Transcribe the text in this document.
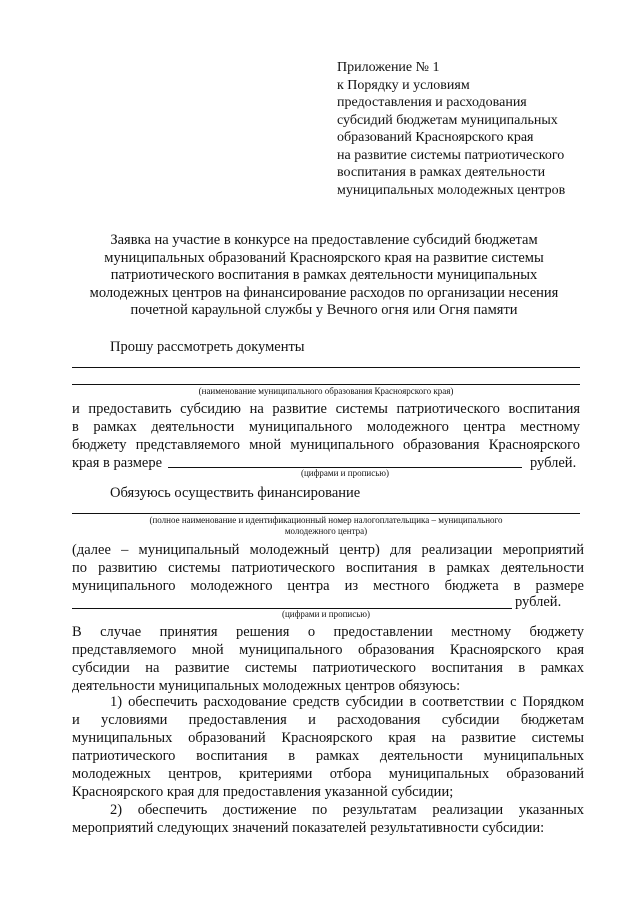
Приложение № 1
к Порядку и условиям
предоставления и расходования
субсидий бюджетам муниципальных
образований Красноярского края
на развитие системы патриотического
воспитания в рамках деятельности
муниципальных молодежных центров
Заявка на участие в конкурсе на предоставление субсидий бюджетам
муниципальных образований Красноярского края на развитие системы
патриотического воспитания в рамках деятельности муниципальных
молодежных центров на финансирование расходов по организации несения
почетной караульной службы у Вечного огня или Огня памяти
Прошу рассмотреть документы
(наименование муниципального образования Красноярского края)
и предоставить субсидию на развитие системы патриотического воспитания
в рамках деятельности муниципального молодежного центра местному
бюджету представляемого мной муниципального образования Красноярского
края в размере	рублей.
(цифрами и прописью)
Обязуюсь осуществить финансирование
(полное наименование и идентификационный номер налогоплательщика – муниципального
молодежного центра)
(далее – муниципальный молодежный центр) для реализации мероприятий
по развитию системы патриотического воспитания в рамках деятельности
муниципального молодежного центра из местного бюджета в размере
рублей.
(цифрами и прописью)
В случае принятия решения о предоставлении местному бюджету
представляемого мной муниципального образования Красноярского края
субсидии на развитие системы патриотического воспитания в рамках
деятельности муниципальных молодежных центров обязуюсь:
1) обеспечить расходование средств субсидии в соответствии с Порядком
и условиями предоставления и расходования субсидии бюджетам
муниципальных образований Красноярского края на развитие системы
патриотического воспитания в рамках деятельности муниципальных
молодежных центров, критериями отбора муниципальных образований
Красноярского края для предоставления указанной субсидии;
2) обеспечить достижение по результатам реализации указанных
мероприятий следующих значений показателей результативности субсидии:
